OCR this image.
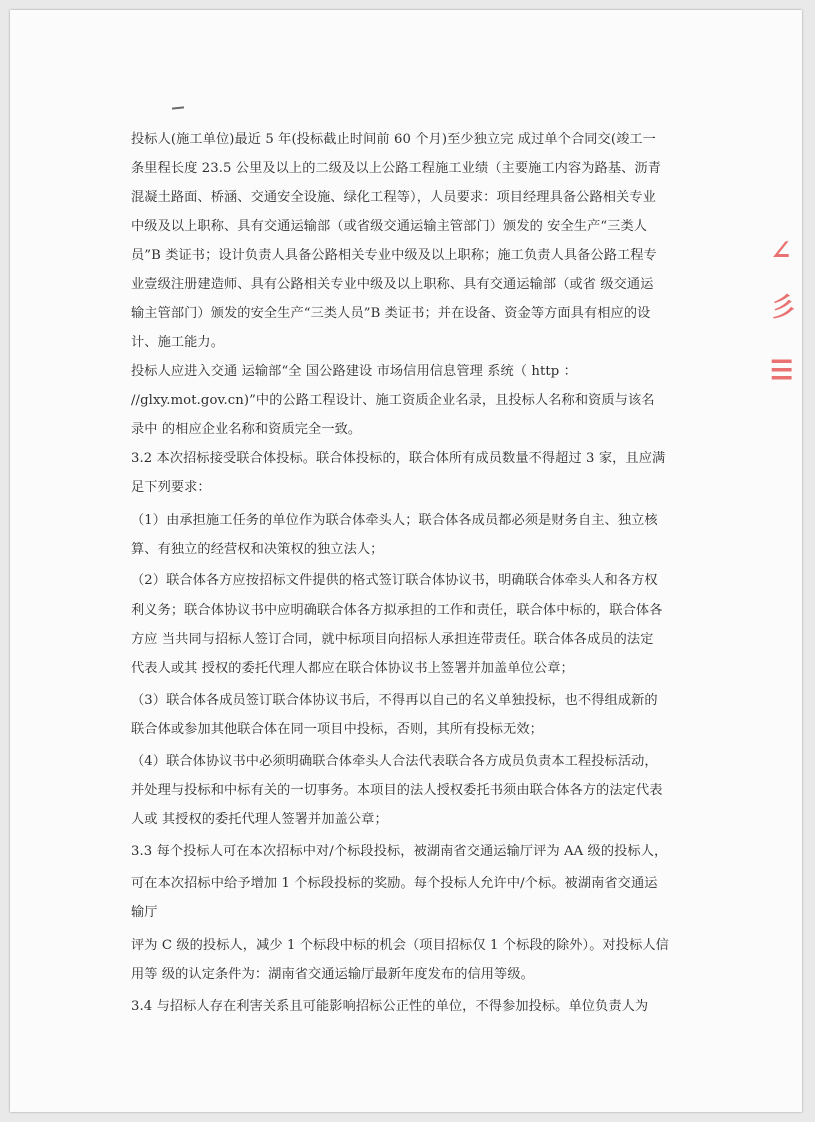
∠
彡
☰
投标人(施工单位)最近 5 年(投标截止时间前 60 个月)至少独立完 成过单个合同交(竣工一
条里程长度 23.5 公里及以上的二级及以上公路工程施工业绩（主要施工内容为路基、沥青
混凝土路面、桥涵、交通安全设施、绿化工程等），人员要求：项目经理具备公路相关专业
中级及以上职称、具有交通运输部（或省级交通运输主管部门）颁发的 安全生产“三类人
员”B 类证书；设计负责人具备公路相关专业中级及以上职称；施工负责人具备公路工程专
业壹级注册建造师、具有公路相关专业中级及以上职称、具有交通运输部（或省 级交通运
输主管部门）颁发的安全生产“三类人员”B 类证书；并在设备、资金等方面具有相应的设
计、施工能力。
投标人应进入交通 运输部“全 国公路建设 市场信用信息管理 系统（ http ：
//glxy.mot.gov.cn)”中的公路工程设计、施工资质企业名录，且投标人名称和资质与该名
录中 的相应企业名称和资质完全一致。
3.2 本次招标接受联合体投标。联合体投标的，联合体所有成员数量不得超过 3 家，且应满
足下列要求：
（1）由承担施工任务的单位作为联合体牵头人；联合体各成员都必须是财务自主、独立核
算、有独立的经营权和决策权的独立法人；
（2）联合体各方应按招标文件提供的格式签订联合体协议书，明确联合体牵头人和各方权
利义务；联合体协议书中应明确联合体各方拟承担的工作和责任，联合体中标的，联合体各
方应 当共同与招标人签订合同，就中标项目向招标人承担连带责任。联合体各成员的法定
代表人或其 授权的委托代理人都应在联合体协议书上签署并加盖单位公章；
（3）联合体各成员签订联合体协议书后，不得再以自己的名义单独投标，也不得组成新的
联合体或参加其他联合体在同一项目中投标，否则，其所有投标无效；
（4）联合体协议书中必须明确联合体牵头人合法代表联合各方成员负责本工程投标活动，
并处理与投标和中标有关的一切事务。本项目的法人授权委托书须由联合体各方的法定代表
人或 其授权的委托代理人签署并加盖公章；
3.3 每个投标人可在本次招标中对/个标段投标，被湖南省交通运输厅评为 AA 级的投标人，
可在本次招标中给予增加 1 个标段投标的奖励。每个投标人允许中/个标。被湖南省交通运
输厅
评为 C 级的投标人，减少 1 个标段中标的机会（项目招标仅 1 个标段的除外）。对投标人信
用等 级的认定条件为：湖南省交通运输厅最新年度发布的信用等级。
3.4 与招标人存在利害关系且可能影响招标公正性的单位，不得参加投标。单位负责人为
